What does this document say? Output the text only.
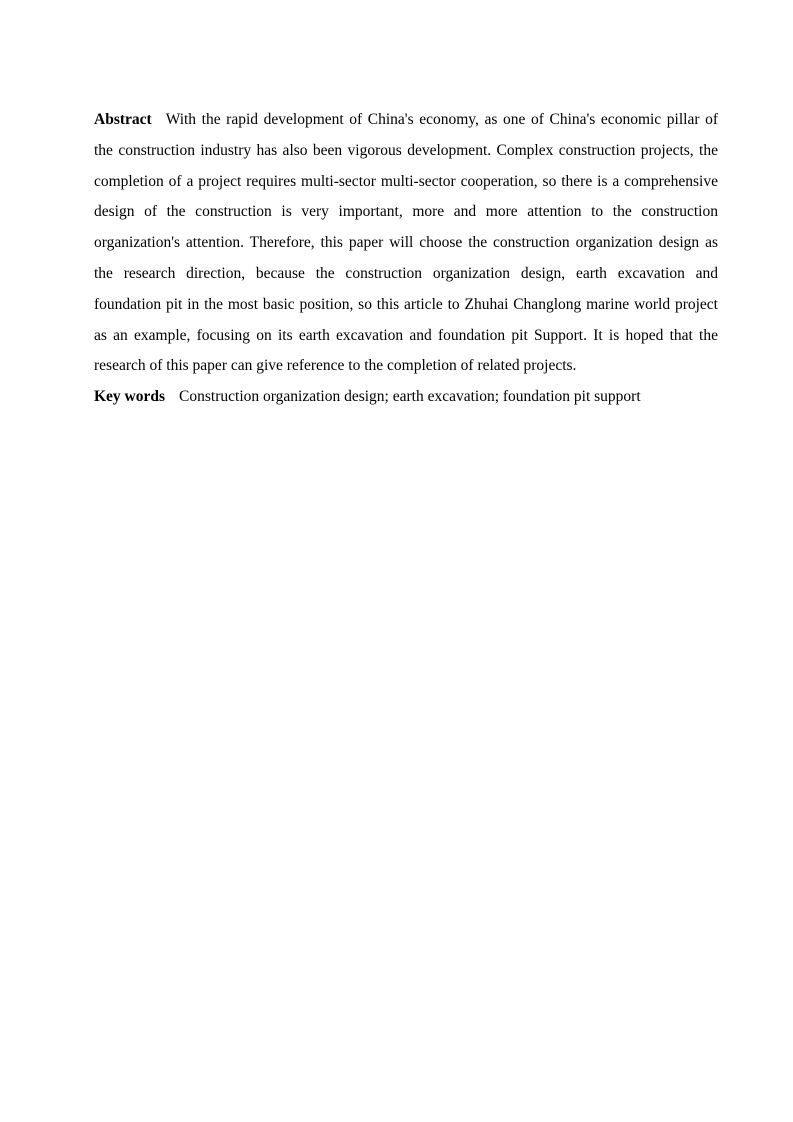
Abstract With the rapid development of China's economy, as one of China's economic pillar of the construction industry has also been vigorous development. Complex construction projects, the completion of a project requires multi-sector multi-sector cooperation, so there is a comprehensive design of the construction is very important, more and more attention to the construction organization's attention. Therefore, this paper will choose the construction organization design as the research direction, because the construction organization design, earth excavation and foundation pit in the most basic position, so this article to Zhuhai Changlong marine world project as an example, focusing on its earth excavation and foundation pit Support. It is hoped that the research of this paper can give reference to the completion of related projects.

Key words Construction organization design; earth excavation; foundation pit support
